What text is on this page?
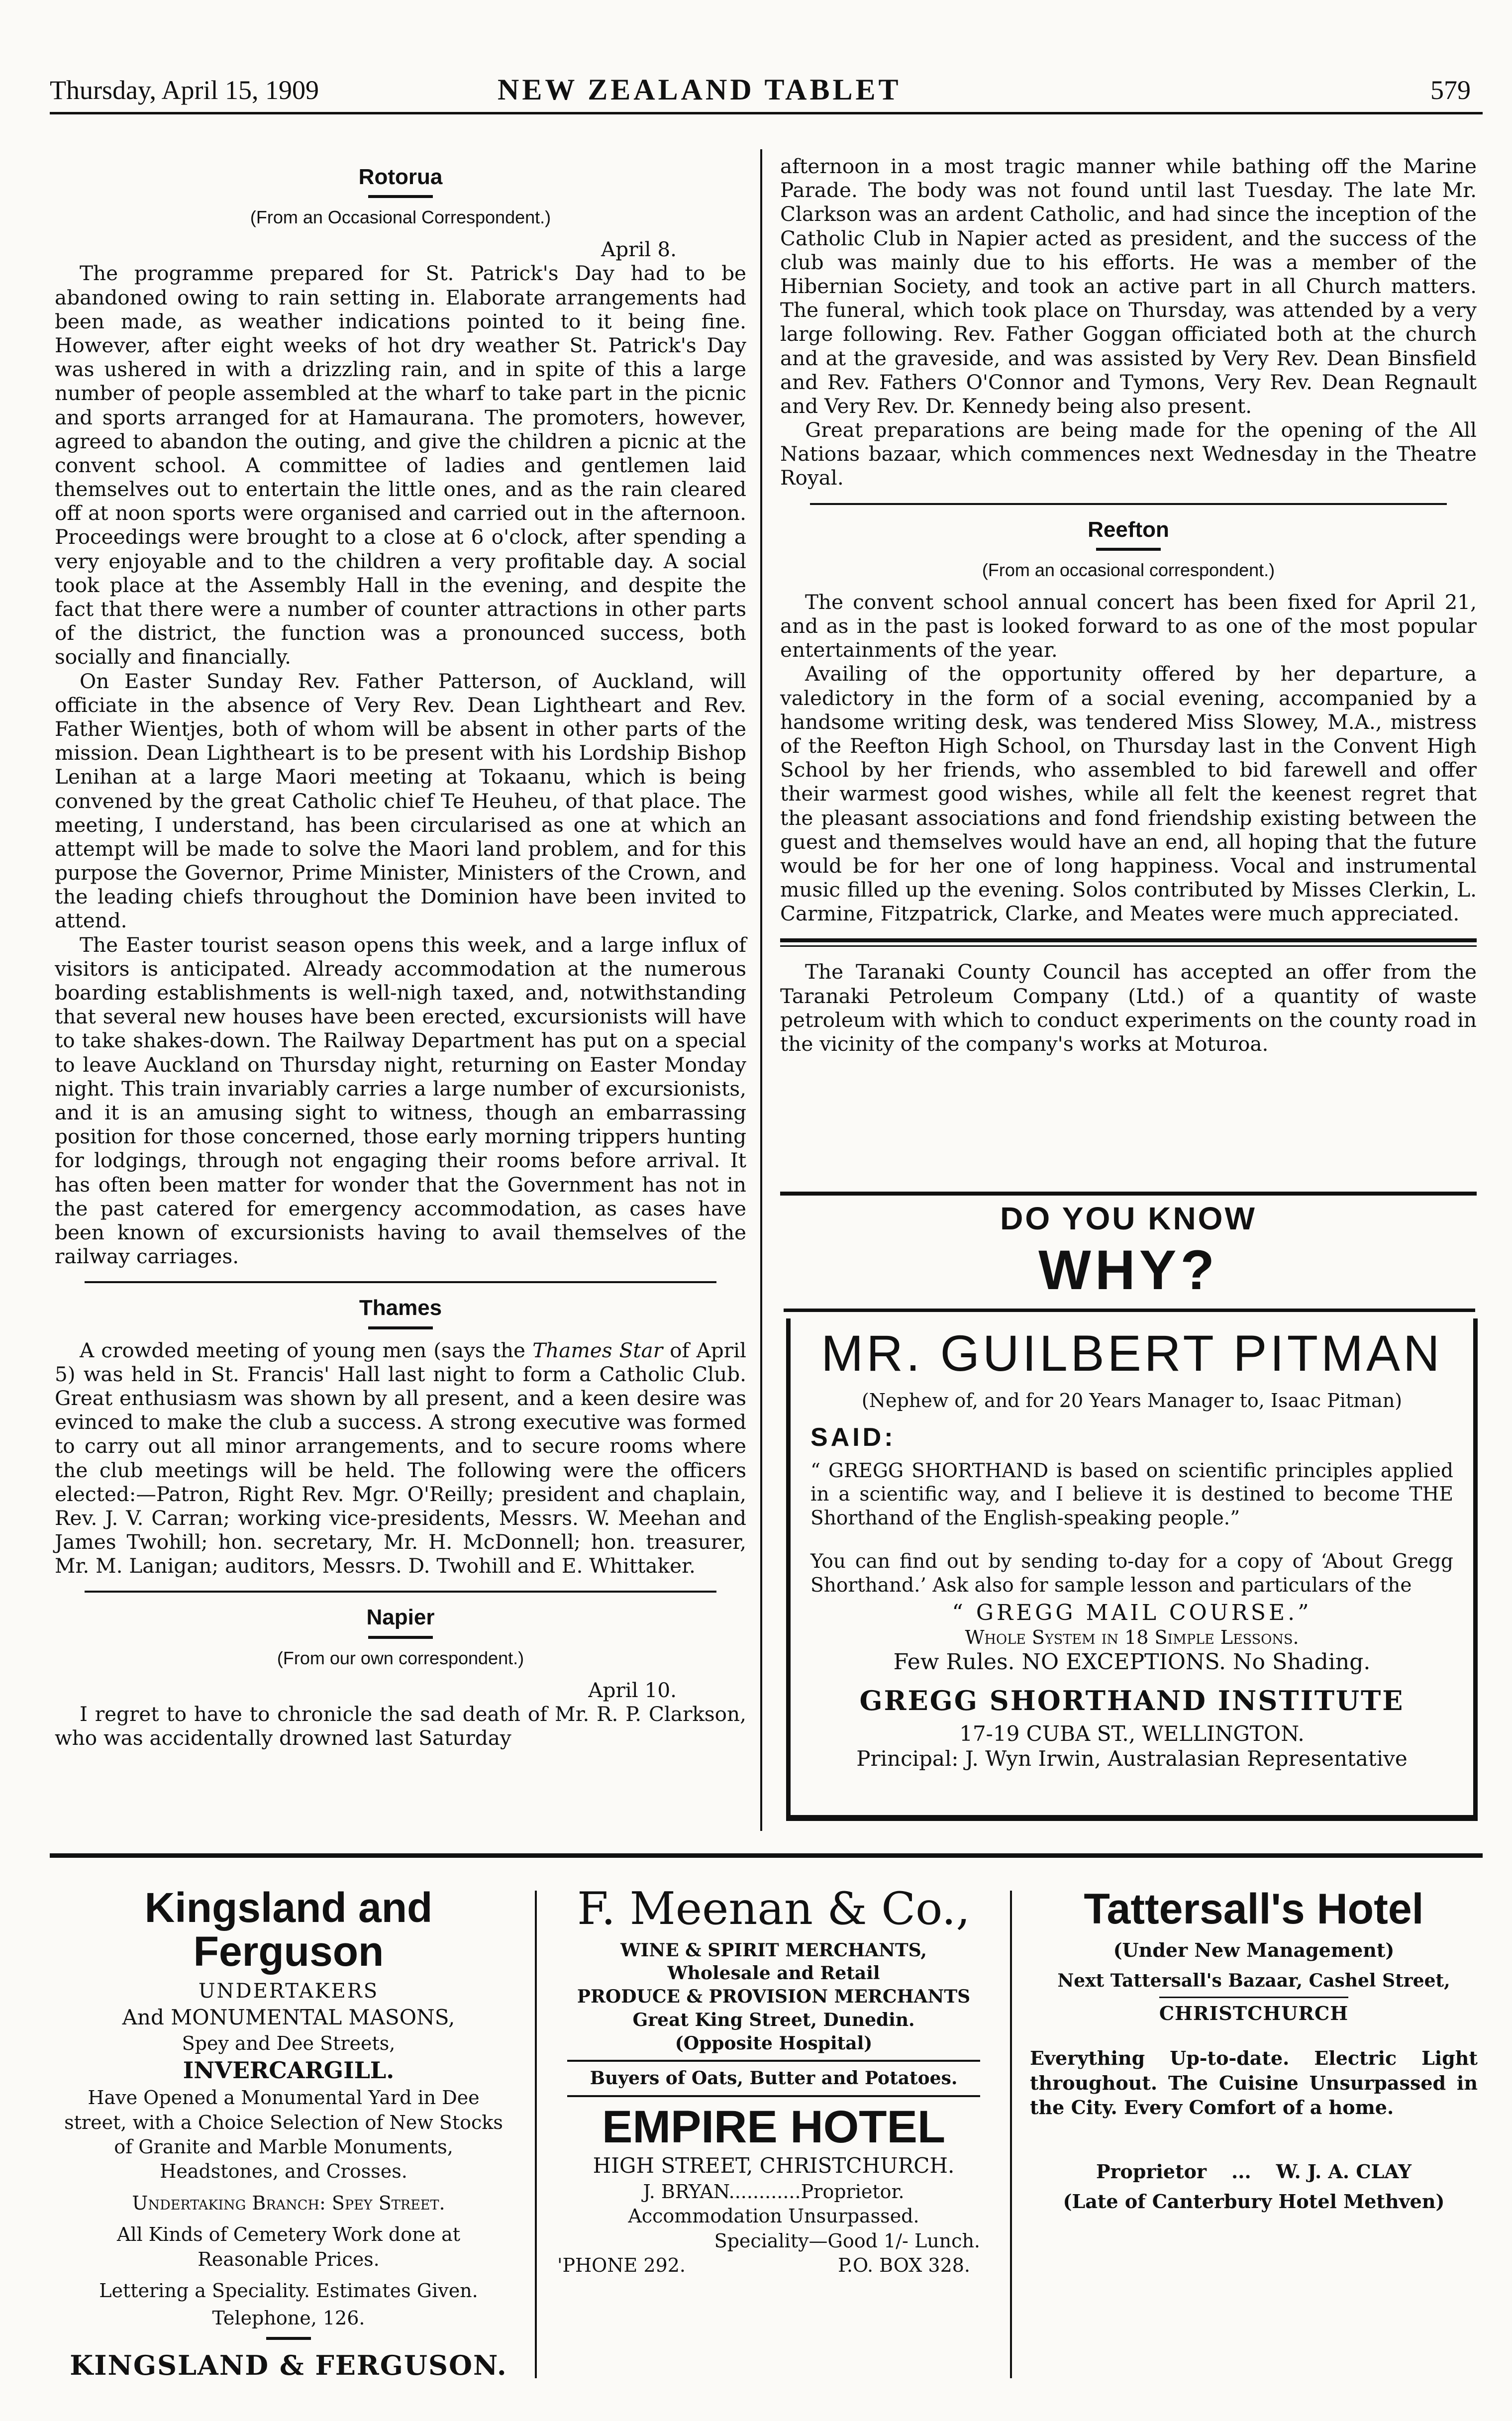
Thursday, April 15, 1909	NEW ZEALAND TABLET	579
Rotorua
(From an Occasional Correspondent.)

April 8.

The programme prepared for St. Patrick's Day had to be abandoned owing to rain setting in. Elaborate arrangements had been made, as weather indications pointed to it being fine. However, after eight weeks of hot dry weather St. Patrick's Day was ushered in with a drizzling rain, and in spite of this a large number of people assembled at the wharf to take part in the picnic and sports arranged for at Hamaurana. The promoters, however, agreed to abandon the outing, and give the children a picnic at the convent school. A committee of ladies and gentlemen laid themselves out to entertain the little ones, and as the rain cleared off at noon sports were organised and carried out in the afternoon. Proceedings were brought to a close at 6 o'clock, after spending a very enjoyable and to the children a very profitable day. A social took place at the Assembly Hall in the evening, and despite the fact that there were a number of counter attractions in other parts of the district, the function was a pronounced success, both socially and financially.

On Easter Sunday Rev. Father Patterson, of Auckland, will officiate in the absence of Very Rev. Dean Lightheart and Rev. Father Wientjes, both of whom will be absent in other parts of the mission. Dean Lightheart is to be present with his Lordship Bishop Lenihan at a large Maori meeting at Tokaanu, which is being convened by the great Catholic chief Te Heuheu, of that place. The meeting, I understand, has been circularised as one at which an attempt will be made to solve the Maori land problem, and for this purpose the Governor, Prime Minister, Ministers of the Crown, and the leading chiefs throughout the Dominion have been invited to attend.

The Easter tourist season opens this week, and a large influx of visitors is anticipated. Already accommodation at the numerous boarding establishments is well-nigh taxed, and, notwithstanding that several new houses have been erected, excursionists will have to take shakes-down. The Railway Department has put on a special to leave Auckland on Thursday night, returning on Easter Monday night. This train invariably carries a large number of excursionists, and it is an amusing sight to witness, though an embarrassing position for those concerned, those early morning trippers hunting for lodgings, through not engaging their rooms before arrival. It has often been matter for wonder that the Government has not in the past catered for emergency accommodation, as cases have been known of excursionists having to avail themselves of the railway carriages.

Thames

A crowded meeting of young men (says the Thames Star of April 5) was held in St. Francis' Hall last night to form a Catholic Club. Great enthusiasm was shown by all present, and a keen desire was evinced to make the club a success. A strong executive was formed to carry out all minor arrangements, and to secure rooms where the club meetings will be held. The following were the officers elected:—Patron, Right Rev. Mgr. O'Reilly; president and chaplain, Rev. J. V. Carran; working vice-presidents, Messrs. W. Meehan and James Twohill; hon. secretary, Mr. H. McDonnell; hon. treasurer, Mr. M. Lanigan; auditors, Messrs. D. Twohill and E. Whittaker.

Napier
(From our own correspondent.)

April 10.

I regret to have to chronicle the sad death of Mr. R. P. Clarkson, who was accidentally drowned last Saturday

afternoon in a most tragic manner while bathing off the Marine Parade. The body was not found until last Tuesday. The late Mr. Clarkson was an ardent Catholic, and had since the inception of the Catholic Club in Napier acted as president, and the success of the club was mainly due to his efforts. He was a member of the Hibernian Society, and took an active part in all Church matters. The funeral, which took place on Thursday, was attended by a very large following. Rev. Father Goggan officiated both at the church and at the graveside, and was assisted by Very Rev. Dean Binsfield and Rev. Fathers O'Connor and Tymons, Very Rev. Dean Regnault and Very Rev. Dr. Kennedy being also present.

Great preparations are being made for the opening of the All Nations bazaar, which commences next Wednesday in the Theatre Royal.

Reefton
(From an occasional correspondent.)

The convent school annual concert has been fixed for April 21, and as in the past is looked forward to as one of the most popular entertainments of the year.

Availing of the opportunity offered by her departure, a valedictory in the form of a social evening, accompanied by a handsome writing desk, was tendered Miss Slowey, M.A., mistress of the Reefton High School, on Thursday last in the Convent High School by her friends, who assembled to bid farewell and offer their warmest good wishes, while all felt the keenest regret that the pleasant associations and fond friendship existing between the guest and themselves would have an end, all hoping that the future would be for her one of long happiness. Vocal and instrumental music filled up the evening. Solos contributed by Misses Clerkin, L. Carmine, Fitzpatrick, Clarke, and Meates were much appreciated.

The Taranaki County Council has accepted an offer from the Taranaki Petroleum Company (Ltd.) of a quantity of waste petroleum with which to conduct experiments on the county road in the vicinity of the company's works at Moturoa.

DO YOU KNOW
WHY?
MR. GUILBERT PITMAN
(Nephew of, and for 20 Years Manager to, Isaac Pitman)
SAID:
“ GREGG SHORTHAND is based on scientific principles applied in a scientific way, and I believe it is destined to become THE Shorthand of the English-speaking people.”
You can find out by sending to-day for a copy of ‘About Gregg Shorthand.’ Ask also for sample lesson and particulars of the
“ GREGG MAIL COURSE.”
Whole System in 18 Simple Lessons.
Few Rules. NO EXCEPTIONS. No Shading.
GREGG SHORTHAND INSTITUTE
17-19 CUBA ST., WELLINGTON.
Principal: J. Wyn Irwin, Australasian Representative
Kingsland and Ferguson
UNDERTAKERS
And MONUMENTAL MASONS,
Spey and Dee Streets,
INVERCARGILL.
Have Opened a Monumental Yard in Dee street, with a Choice Selection of New Stocks of Granite and Marble Monuments, Headstones, and Crosses.
Undertaking Branch: Spey Street.
All Kinds of Cemetery Work done at Reasonable Prices.
Lettering a Speciality. Estimates Given.
Telephone, 126.
KINGSLAND & FERGUSON.
F. Meenan & Co.,
WINE & SPIRIT MERCHANTS,
Wholesale and Retail
PRODUCE & PROVISION MERCHANTS
Great King Street, Dunedin.
(Opposite Hospital)
Buyers of Oats, Butter and Potatoes.
EMPIRE HOTEL
HIGH STREET, CHRISTCHURCH.
J. BRYAN............Proprietor.
Accommodation Unsurpassed.
Speciality—Good 1/- Lunch.
'PHONE 292.	P.O. BOX 328.
Tattersall's Hotel
(Under New Management)
Next Tattersall's Bazaar, Cashel Street,
CHRISTCHURCH
Everything Up-to-date. Electric Light throughout. The Cuisine Unsurpassed in the City. Every Comfort of a home.
Proprietor ... W. J. A. CLAY
(Late of Canterbury Hotel Methven)
